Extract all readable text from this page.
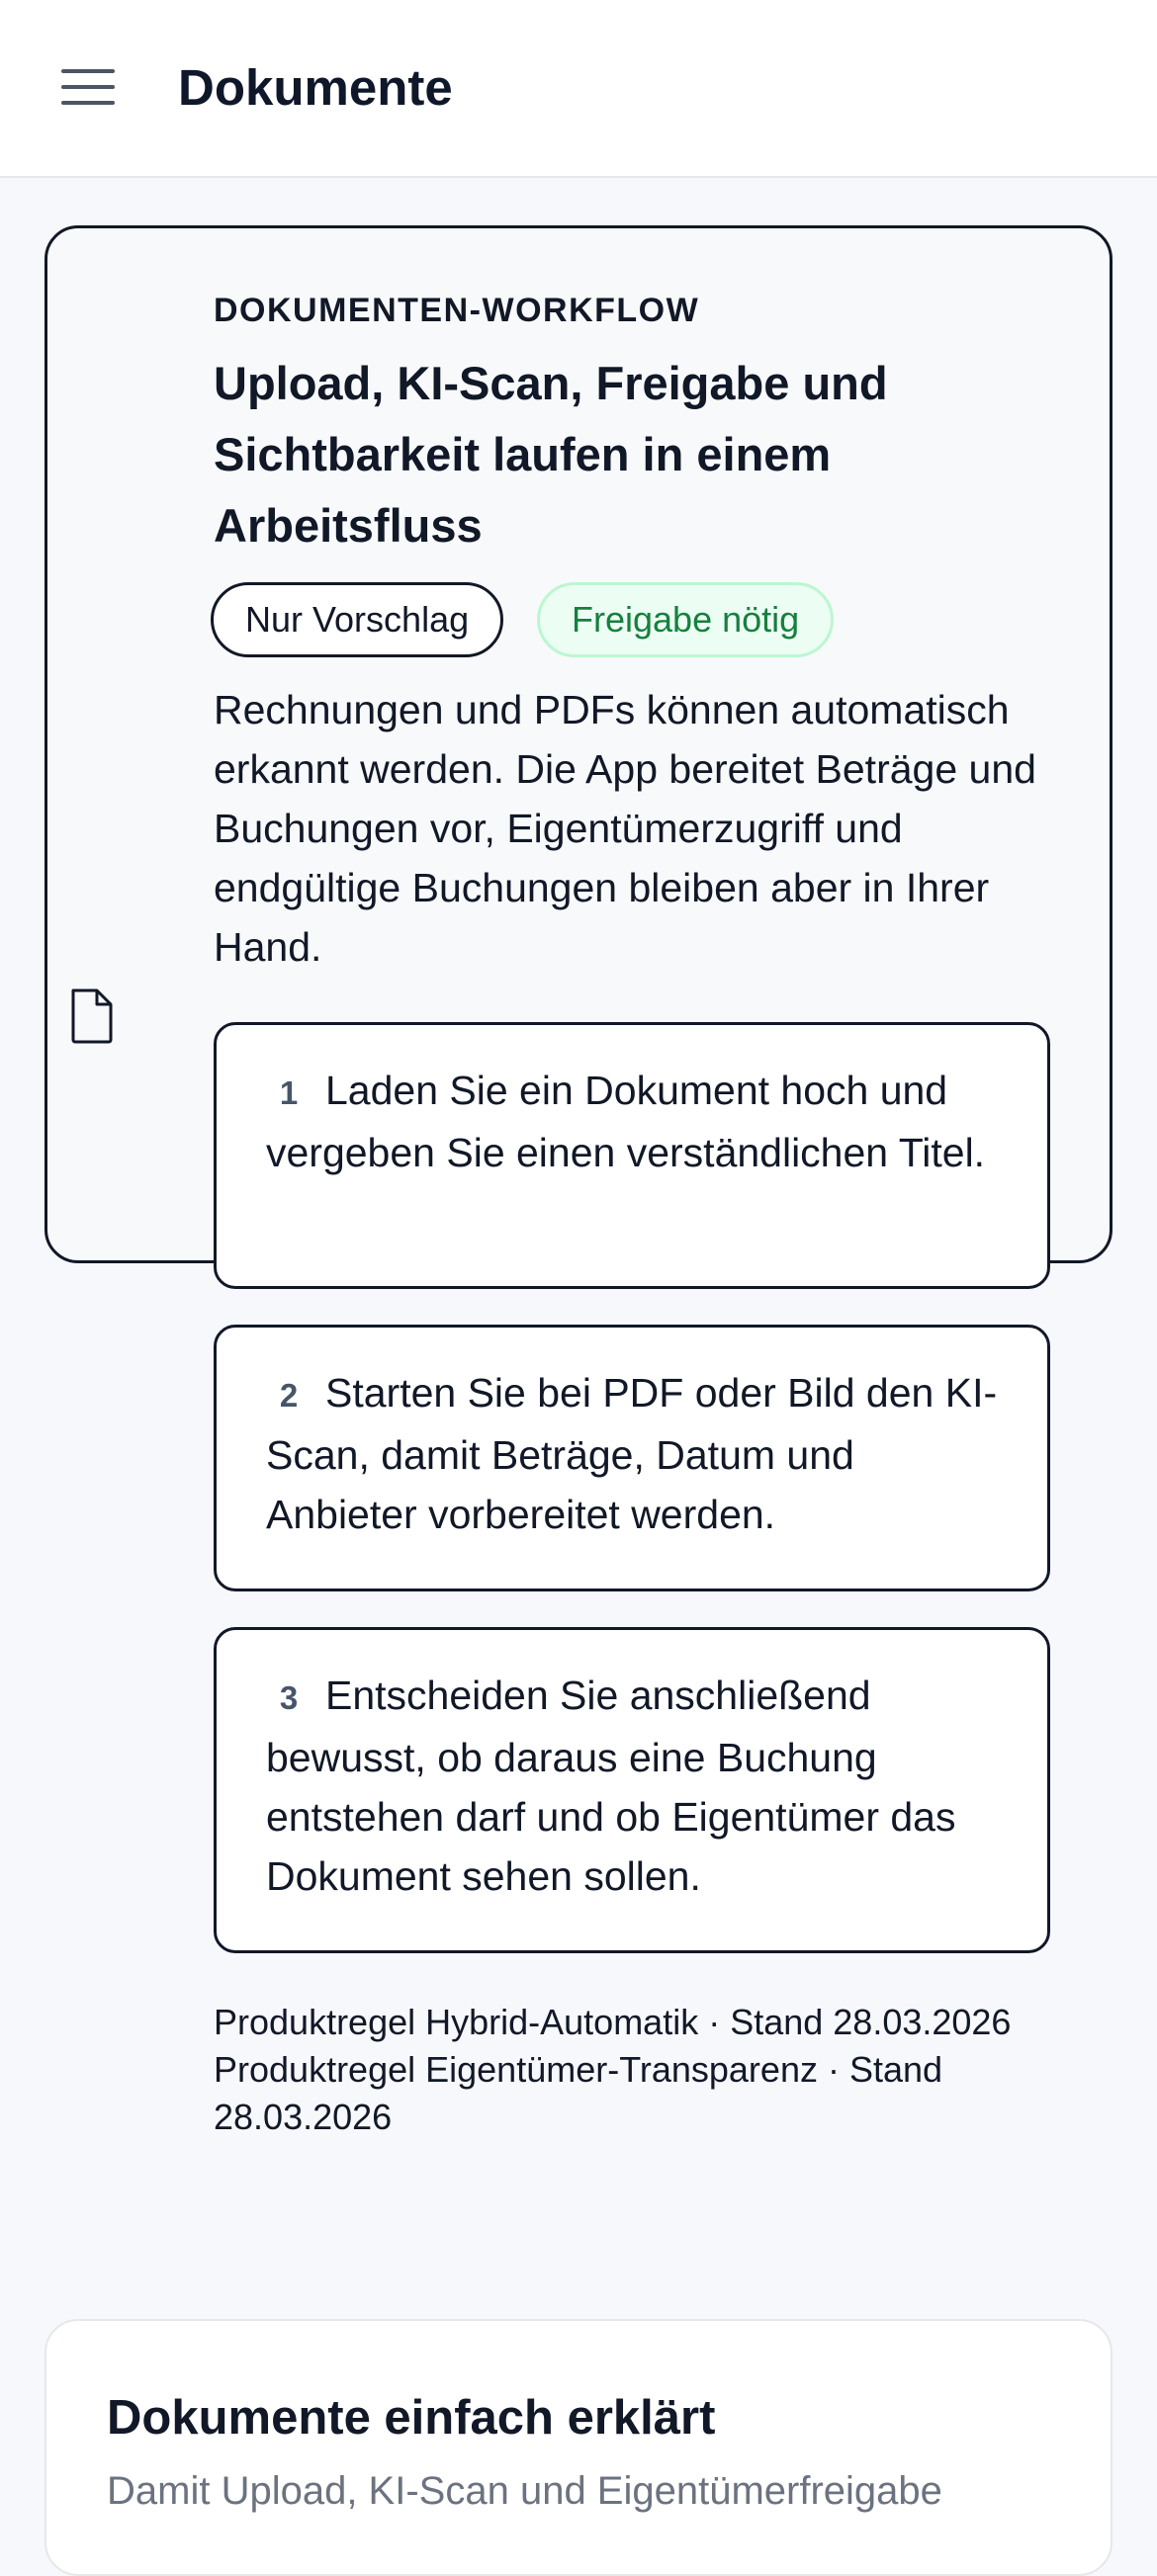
Dokumente
DOKUMENTEN-WORKFLOW
Upload, KI-Scan, Freigabe und Sichtbarkeit laufen in einem Arbeitsfluss
Nur Vorschlag	Freigabe nötig
Rechnungen und PDFs können automatisch erkannt werden. Die App bereitet Beträge und Buchungen vor, Eigentümerzugriff und endgültige Buchungen bleiben aber in Ihrer Hand.

1 Laden Sie ein Dokument hoch und vergeben Sie einen verständlichen Titel.

2 Starten Sie bei PDF oder Bild den KI-Scan, damit Beträge, Datum und Anbieter vorbereitet werden.

3 Entscheiden Sie anschließend bewusst, ob daraus eine Buchung entstehen darf und ob Eigentümer das Dokument sehen sollen.

Produktregel Hybrid-Automatik · Stand 28.03.2026
Produktregel Eigentümer-Transparenz · Stand 28.03.2026
Dokumente einfach erklärt
Damit Upload, KI-Scan und Eigentümerfreigabe
